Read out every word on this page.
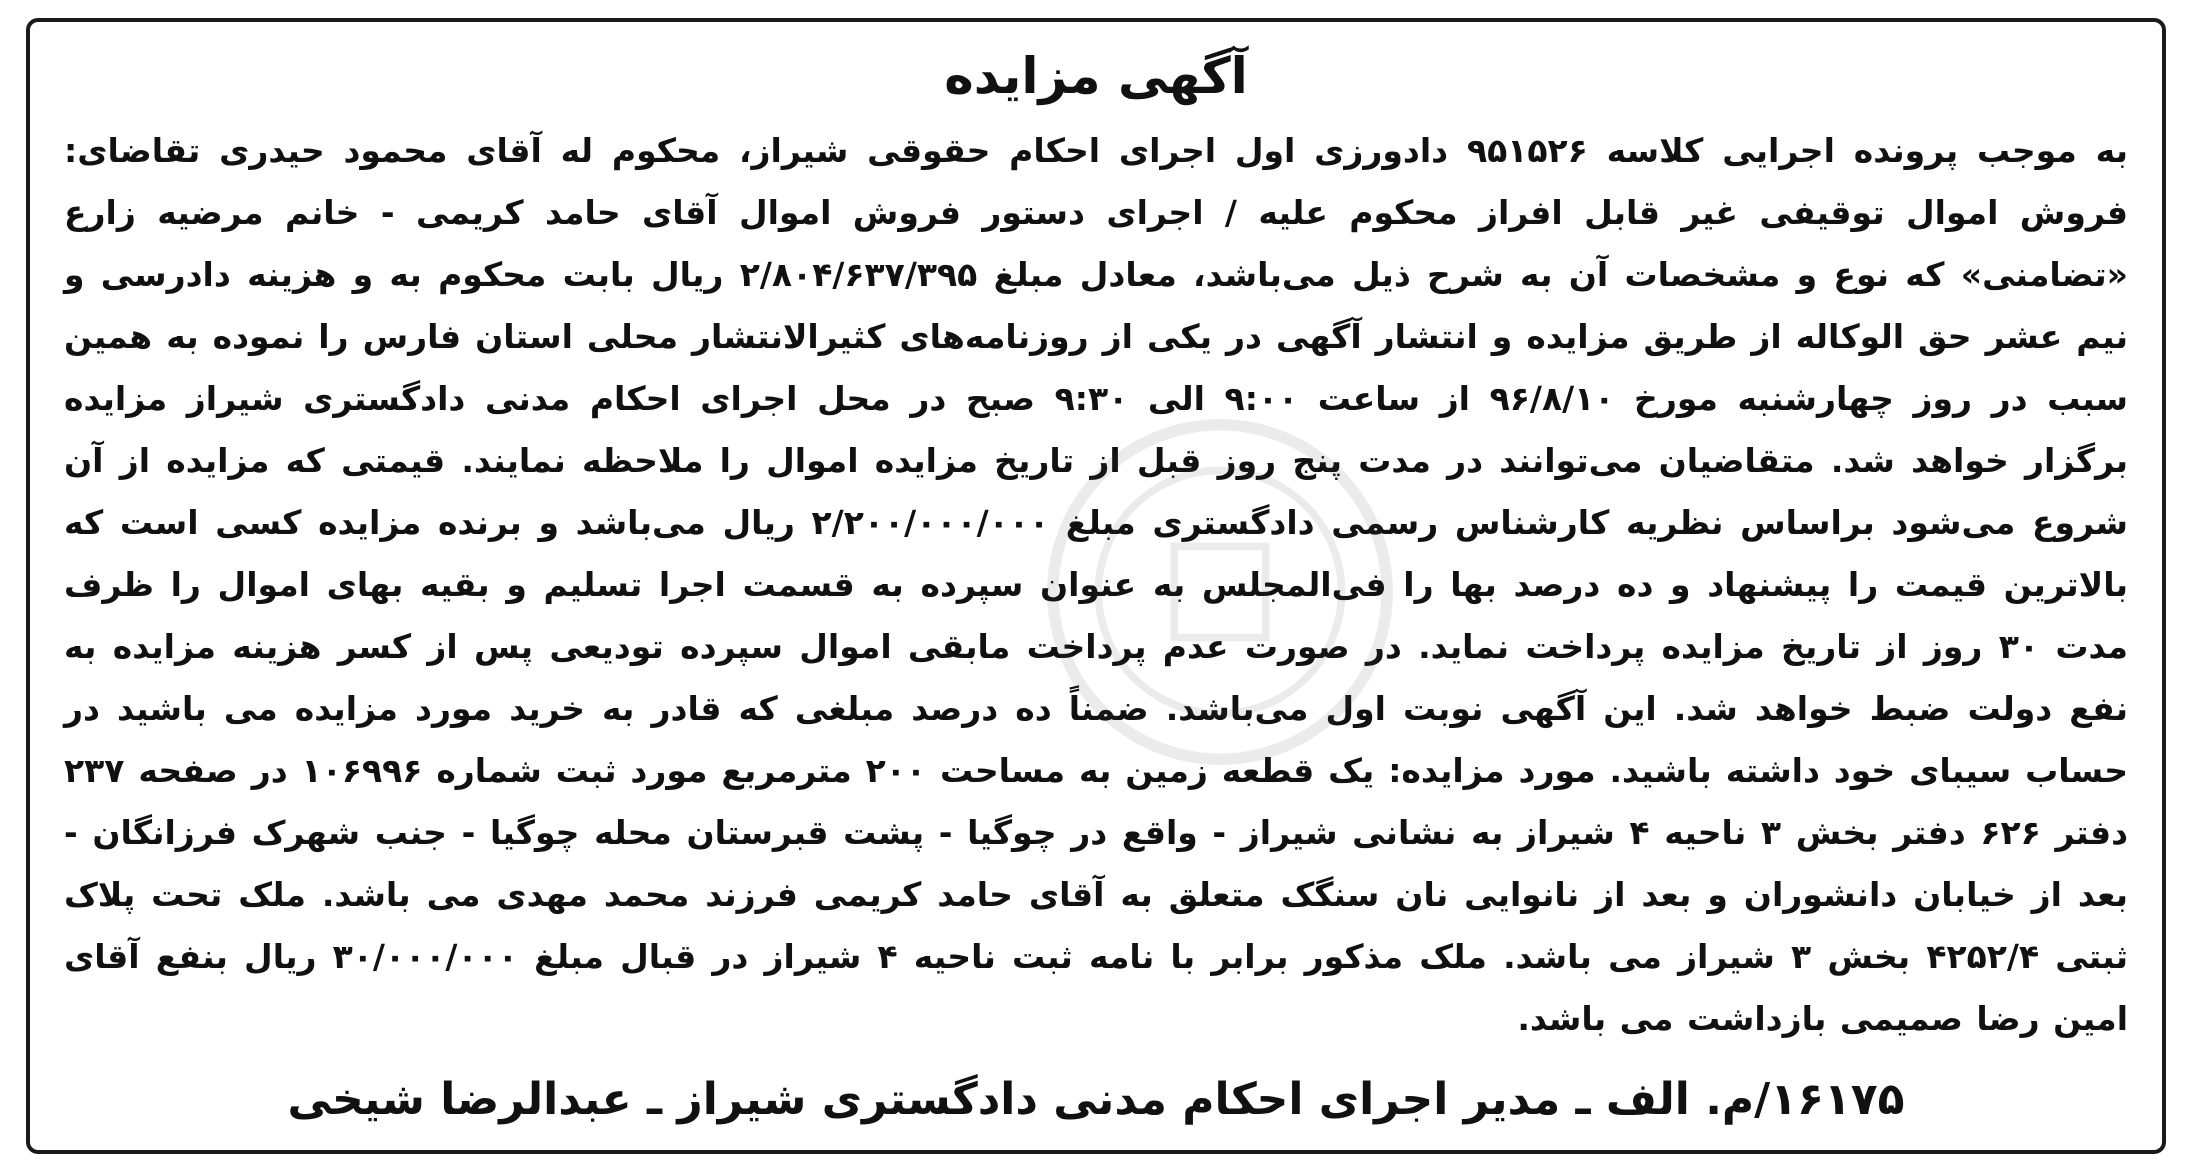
آگهی مزایده

به موجب پرونده اجرایی کلاسه ۹۵۱۵۲۶ دادورزی اول اجرای احکام حقوقی شیراز، محکوم له آقای محمود حیدری تقاضای: فروش اموال توقیفی غیر قابل افراز محکوم علیه / اجرای دستور فروش اموال آقای حامد کریمی - خانم مرضیه زارع «تضامنی» که نوع و مشخصات آن به شرح ذیل می‌باشد، معادل مبلغ ۲/۸۰۴/۶۳۷/۳۹۵ ریال بابت محکوم به و هزینه دادرسی و نیم عشر حق الوکاله از طریق مزایده و انتشار آگهی در یکی از روزنامه‌های کثیرالانتشار محلی استان فارس را نموده به همین سبب در روز چهارشنبه مورخ ۹۶/۸/۱۰ از ساعت ۹:۰۰ الی ۹:۳۰ صبح در محل اجرای احکام مدنی دادگستری شیراز مزایده برگزار خواهد شد. متقاضیان می‌توانند در مدت پنج روز قبل از تاریخ مزایده اموال را ملاحظه نمایند. قیمتی که مزایده از آن شروع می‌شود براساس نظریه کارشناس رسمی دادگستری مبلغ ۲/۲۰۰/۰۰۰/۰۰۰ ریال می‌باشد و برنده مزایده کسی است که بالاترین قیمت را پیشنهاد و ده درصد بها را فی‌المجلس به عنوان سپرده به قسمت اجرا تسلیم و بقیه بهای اموال را ظرف مدت ۳۰ روز از تاریخ مزایده پرداخت نماید. در صورت عدم پرداخت مابقی اموال سپرده تودیعی پس از کسر هزینه مزایده به نفع دولت ضبط خواهد شد. این آگهی نوبت اول می‌باشد. ضمناً ده درصد مبلغی که قادر به خرید مورد مزایده می باشید در حساب سیبای خود داشته باشید. مورد مزایده: یک قطعه زمین به مساحت ۲۰۰ مترمربع مورد ثبت شماره ۱۰۶۹۹۶ در صفحه ۲۳۷ دفتر ۶۲۶ دفتر بخش ۳ ناحیه ۴ شیراز به نشانی شیراز - واقع در چوگیا - پشت قبرستان محله چوگیا - جنب شهرک فرزانگان - بعد از خیابان دانشوران و بعد از نانوایی نان سنگک متعلق به آقای حامد کریمی فرزند محمد مهدی می باشد. ملک تحت پلاک ثبتی ۴۲۵۲/۴ بخش ۳ شیراز می باشد. ملک مذکور برابر با نامه ثبت ناحیه ۴ شیراز در قبال مبلغ ۳۰/۰۰۰/۰۰۰ ریال بنفع آقای امین رضا صمیمی بازداشت می باشد.

۱۶۱۷۵/م. الف ـ مدیر اجرای احکام مدنی دادگستری شیراز ـ عبدالرضا شیخی
